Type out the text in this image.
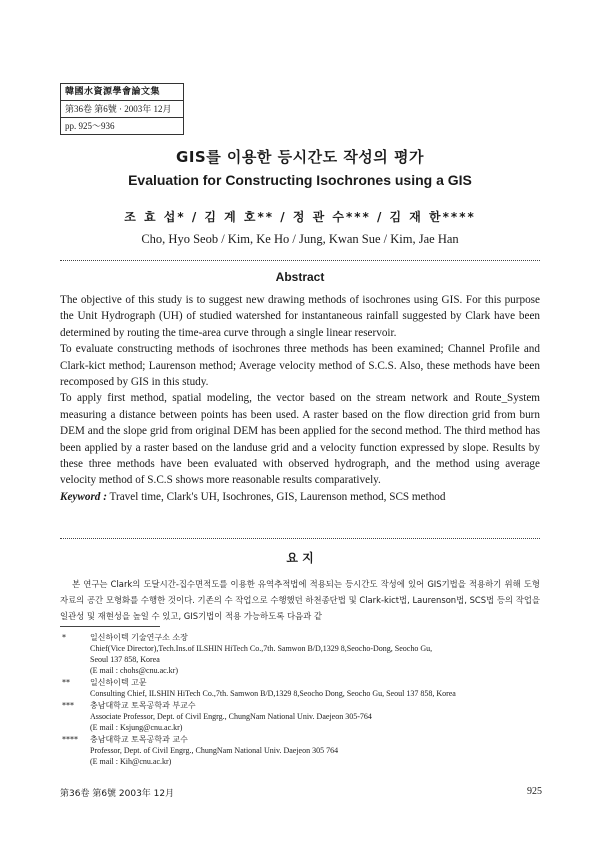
韓國水資源學會論文集
第36卷 第6號 · 2003年 12月
pp. 925～936
GIS를 이용한 등시간도 작성의 평가
Evaluation for Constructing Isochrones using a GIS
조 효 섭* / 김 계 호** / 정 관 수*** / 김 재 한****
Cho, Hyo Seob / Kim, Ke Ho / Jung, Kwan Sue / Kim, Jae Han
Abstract

The objective of this study is to suggest new drawing methods of isochrones using GIS. For this purpose the Unit Hydrograph (UH) of studied watershed for instantaneous rainfall suggested by Clark have been determined by routing the time-area curve through a single linear reservoir.

To evaluate constructing methods of isochrones three methods has been examined; Channel Profile and Clark-kict method; Laurenson method; Average velocity method of S.C.S. Also, these methods have been recomposed by GIS in this study.

To apply first method, spatial modeling, the vector based on the stream network and Route_System measuring a distance between points has been used. A raster based on the flow direction grid from burn DEM and the slope grid from original DEM has been applied for the second method. The third method has been applied by a raster based on the landuse grid and a velocity function expressed by slope. Results by these three methods have been evaluated with observed hydrograph, and the method using average velocity method of S.C.S shows more reasonable results comparatively.

Keyword : Travel time, Clark's UH, Isochrones, GIS, Laurenson method, SCS method

요 지

본 연구는 Clark의 도달시간-집수면적도를 이용한 유역추적법에 적용되는 등시간도 작성에 있어 GIS기법을 적용하기 위해 도형자료의 공간 모형화를 수행한 것이다. 기존의 수 작업으로 수행했던 하천종단법 및 Clark-kict법, Laurenson법, SCS법 등의 작업을 일관성 및 재현성을 높일 수 있고, GIS기법이 적용 가능하도록 다음과 같

*	일신하이텍 기술연구소 소장
Chief(Vice Director),Tech.Ins.of ILSHIN HiTech Co.,7th. Samwon B/D,1329 8,Seocho-Dong, Seocho Gu,
Seoul 137 858, Korea
(E mail : chohs@cnu.ac.kr)
**	일신하이텍 고문
Consulting Chief, ILSHIN HiTech Co.,7th. Samwon B/D,1329 8,Seocho Dong, Seocho Gu, Seoul 137 858, Korea
***	충남대학교 토목공학과 부교수
Associate Professor, Dept. of Civil Engrg., ChungNam National Univ. Daejeon 305-764
(E mail : Ksjung@cnu.ac.kr)
****	충남대학교 토목공학과 교수
Professor, Dept. of Civil Engrg., ChungNam National Univ. Daejeon 305 764
(E mail : Kih@cnu.ac.kr)
第36卷 第6號 2003年 12月	925
